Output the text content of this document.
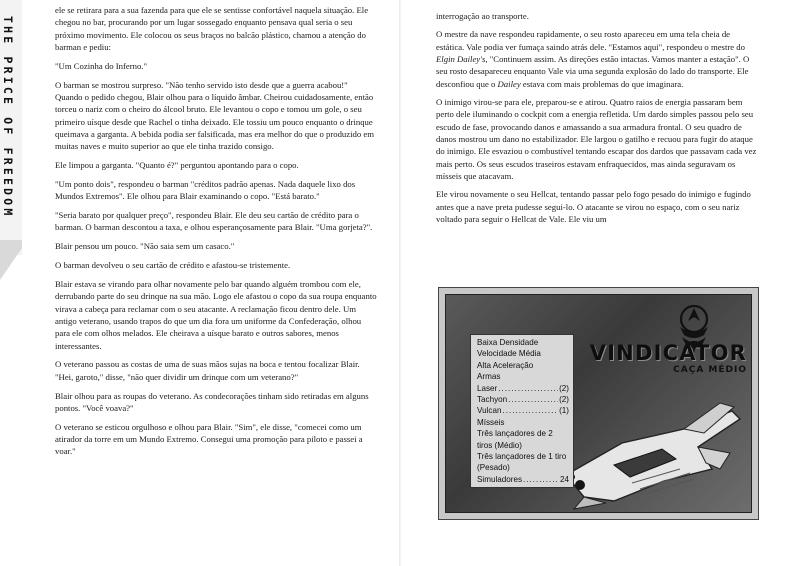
THE PRICE OF FREEDOM

ele se retirara para a sua fazenda para que ele se sentisse confortável naquela situação. Ele chegou no bar, procurando por um lugar sossegado enquanto pensava qual seria o seu próximo movimento. Ele colocou os seus braços no balcão plástico, chamou a atenção do barman e pediu:

"Um Cozinha do Inferno."

O barman se mostrou surpreso. "Não tenho servido isto desde que a guerra acabou!" Quando o pedido chegou, Blair olhou para o líquido âmbar. Cheirou cuidadosamente, então torceu o nariz com o cheiro do álcool bruto. Ele levantou o copo e tomou um gole, o seu primeiro uísque desde que Rachel o tinha deixado. Ele tossiu um pouco enquanto o drinque queimava a garganta. A bebida podia ser falsificada, mas era melhor do que o produzido em muitas naves e muito superior ao que ele tinha trazido consigo.

Ele limpou a garganta. "Quanto é?" perguntou apontando para o copo.

"Um ponto dois", respondeu o barman "créditos padrão apenas. Nada daquele lixo dos Mundos Extremos". Ele olhou para Blair examinando o copo. "Está barato."

"Seria barato por qualquer preço", respondeu Blair. Ele deu seu cartão de crédito para o barman. O barman descontou a taxa, e olhou esperançosamente para Blair. "Uma gorjeta?".

Blair pensou um pouco. "Não saia sem um casaco."

O barman devolveu o seu cartão de crédito e afastou-se tristemente.

Blair estava se virando para olhar novamente pelo bar quando alguém trombou com ele, derrubando parte do seu drinque na sua mão. Logo ele afastou o copo da sua roupa enquanto virava a cabeça para reclamar com o seu atacante. A reclamação ficou dentro dele. Um antigo veterano, usando trapos do que um dia fora um uniforme da Confederação, olhou para ele com olhos melados. Ele cheirava a uísque barato e outros sabores, menos interessantes.

O veterano passou as costas de uma de suas mãos sujas na boca e tentou focalizar Blair. "Hei, garoto," disse, "não quer dividir um drinque com um veterano?"

Blair olhou para as roupas do veterano. As condecorações tinham sido retiradas em alguns pontos. "Você voava?"

O veterano se esticou orgulhoso e olhou para Blair. "Sim", ele disse, "comecei como um atirador da torre em um Mundo Extremo. Consegui uma promoção para piloto e passei a voar."

interrogação ao transporte.

O mestre da nave respondeu rapidamente, o seu rosto apareceu em uma tela cheia de estática. Vale podia ver fumaça saindo atrás dele. "Estamos aqui", respondeu o mestre do Elgin Dailey's, "Continuem assim. As direções estão intactas. Vamos manter a estação". O seu rosto desapareceu enquanto Vale via uma segunda explosão do lado do transporte. Ele desconfiou que o Dailey estava com mais problemas do que imaginara.

O inimigo virou-se para ele, preparou-se e atirou. Quatro raios de energia passaram bem perto dele iluminando o cockpit com a energia refletida. Um dardo simples passou pelo seu escudo de fase, provocando danos e amassando a sua armadura frontal. O seu quadro de danos mostrou um dano no estabilizador. Ele largou o gatilho e recuou para fugir do ataque do inimigo. Ele esvaziou o combustível tentando escapar dos dardos que passavam cada vez mais perto. Os seus escudos traseiros estavam enfraquecidos, mas ainda seguravam os mísseis que atacavam.

Ele virou novamente o seu Hellcat, tentando passar pelo fogo pesado do inimigo e fugindo antes que a nave preta pudesse segui-lo. O atacante se virou no espaço, com o seu nariz voltado para seguir o Hellcat de Vale. Ele viu um

VINDICATOR
CAÇA MÉDIO
Baixa Densidade
Velocidade Média
Alta Aceleração
Armas
Laser .....	(2)
Tachyon .....	(2)
Vulcan .....	(1)
Mísseis
Três lançadores de 2 tiros (Médio)
Três lançadores de 1 tiro (Pesado)
Simuladores .....	24
